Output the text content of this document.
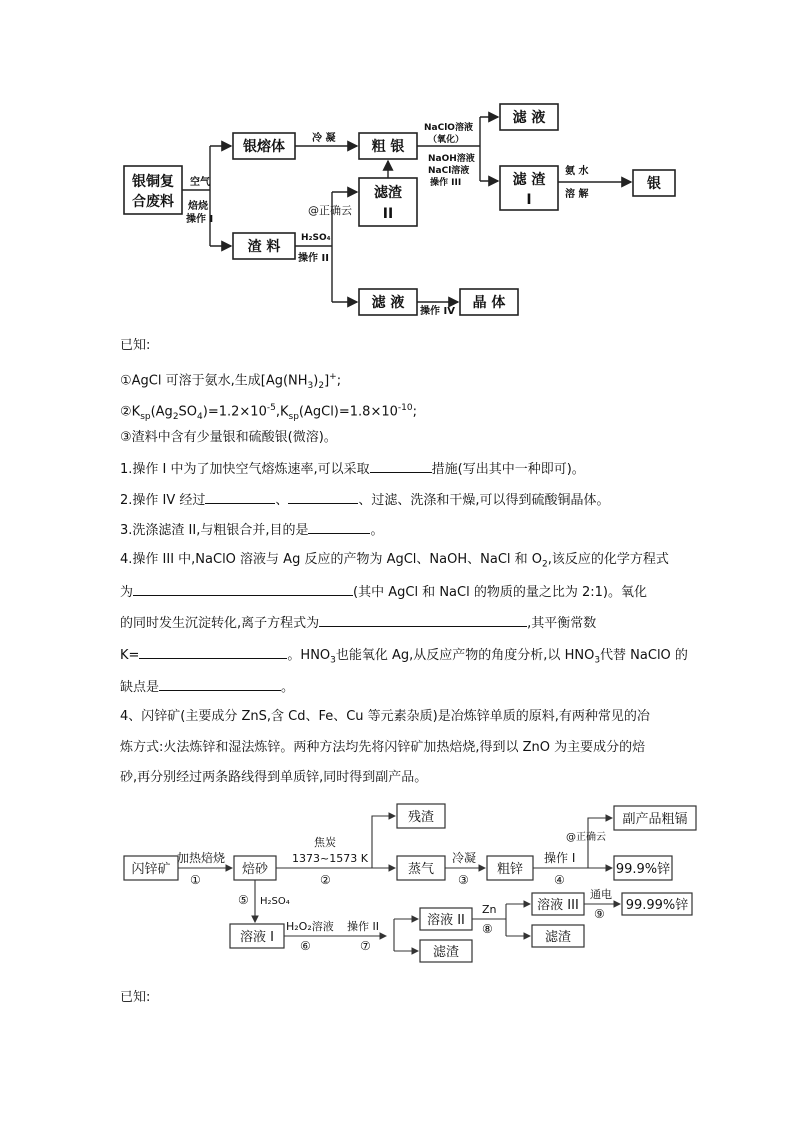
银铜复
合废料
银熔体
渣 料
粗 银
滤渣
II
滤 液	晶 体
滤 液
滤 渣
I
银
空气
焙烧
操作 I
冷 凝
H₂SO₄
操作 II
@正确云
NaClO溶液
（氧化）
NaOH溶液
NaCl溶液
操作 III
氨 水
溶 解
操作 IV
已知:
①AgCl 可溶于氨水,生成$[Ag(NH_3)_2]^+$;
$②K_{sp}(Ag_2SO_4)=1.2\times 10^{-5},K_{sp}(AgCl)=1.8\times 10^{-10}$;
③渣料中含有少量银和硫酸银(微溶)。
1.操作 I 中为了加快空气熔炼速率,可以采取	措施(写出其中一种即可)。
2.操作 IV 经过	、	、过滤、洗涤和干燥,可以得到硫酸铜晶体。
3.洗涤滤渣 II,与粗银合并,目的是	。
4.操作 III 中,NaClO 溶液与 Ag 反应的产物为 AgCl、NaOH、NaCl 和 $O_2$,该反应的化学方程式
为	(其中 AgCl 和 NaCl 的物质的量之比为 2:1)。氧化
的同时发生沉淀转化,离子方程式为	,其平衡常数
K=	。$HNO_3$也能氧化 Ag,从反应产物的角度分析,以 $HNO_3$代替 NaClO 的
缺点是	。
4、闪锌矿(主要成分 ZnS,含 Cd、Fe、Cu 等元素杂质)是冶炼锌单质的原料,有两种常见的冶
炼方式:火法炼锌和湿法炼锌。两种方法均先将闪锌矿加热焙烧,得到以 ZnO 为主要成分的焙
砂,再分别经过两条路线得到单质锌,同时得到副产品。
闪锌矿	焙砂
残渣
蒸气	粗锌
副产品粗镉
99.9%锌
溶液 I
溶液 II
滤渣
溶液 III
滤渣
99.99%锌
加热焙烧
①
焦炭
1373~1573 K
②
冷凝
③
操作 I
④
@正确云
⑤ H₂SO₄
H₂O₂溶液
⑥
操作 II
⑦
Zn
⑧
通电
⑨
已知:
